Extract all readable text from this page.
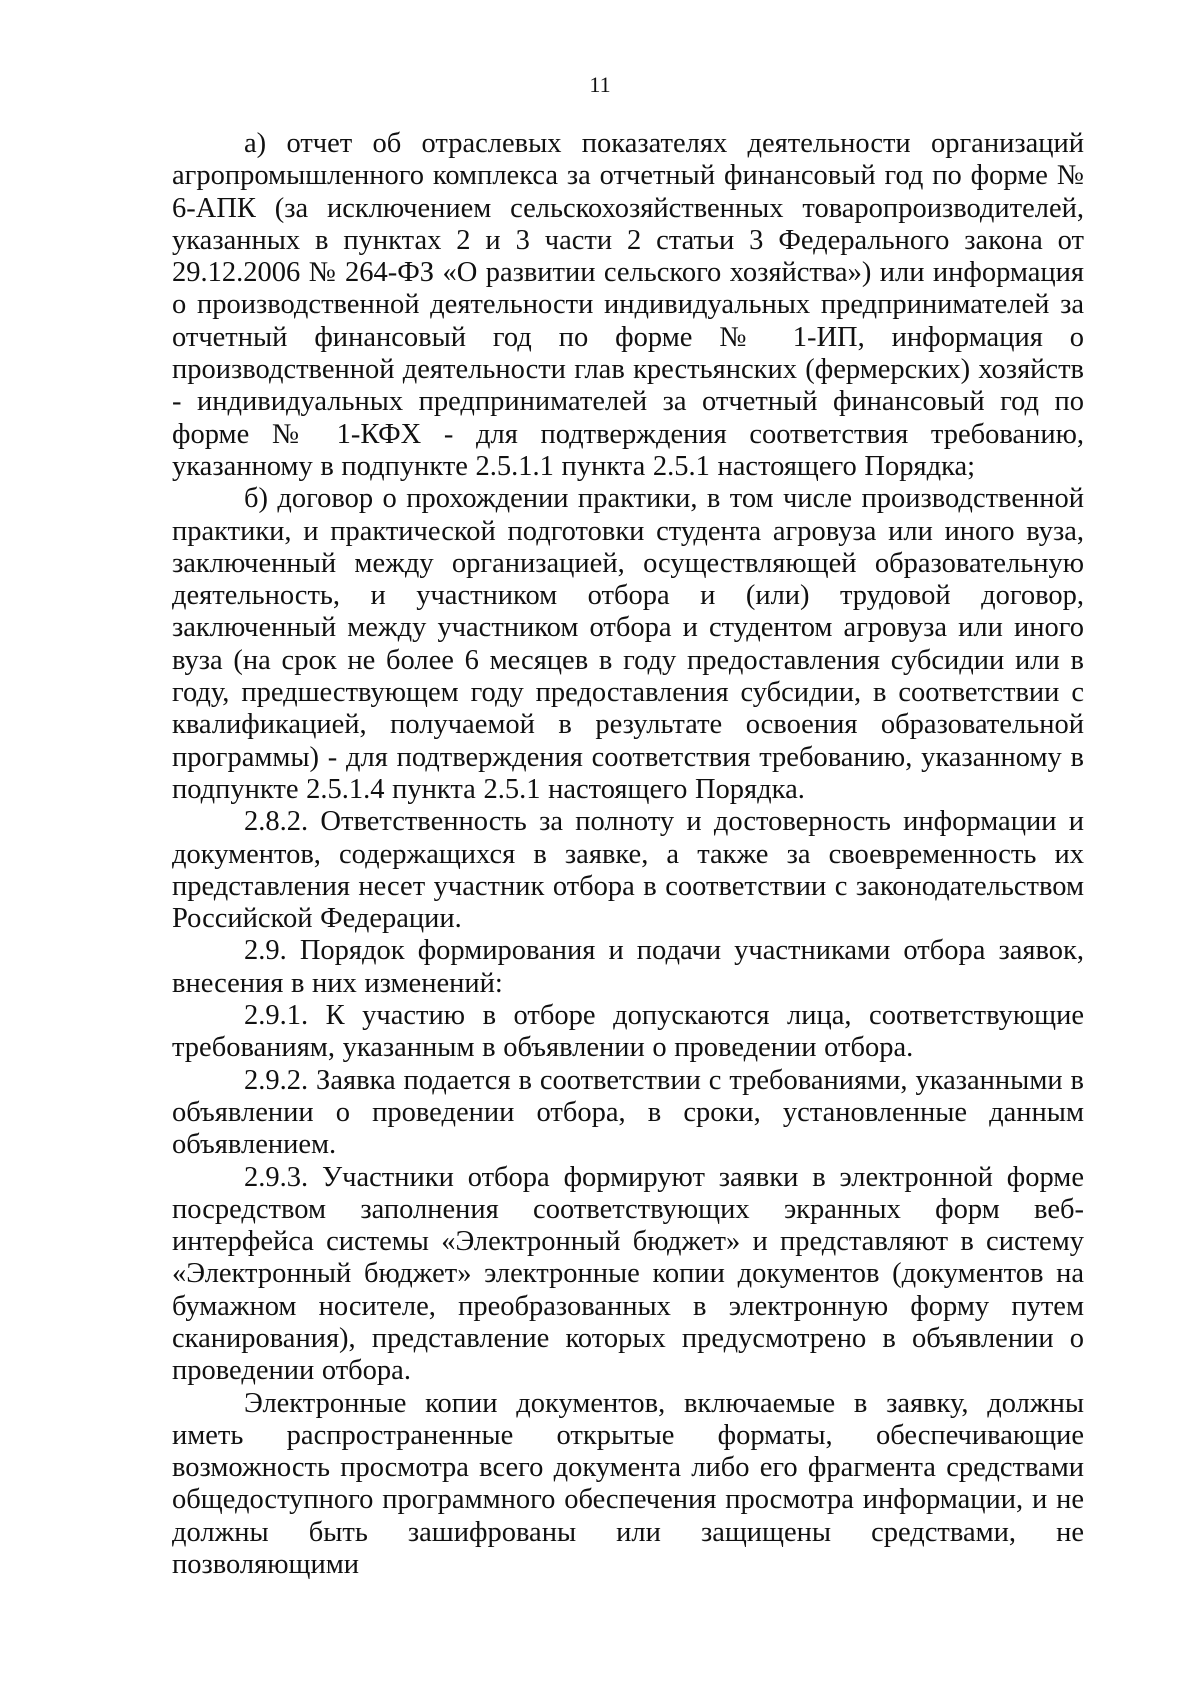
11

а) отчет об отраслевых показателях деятельности организаций агропромышленного комплекса за отчетный финансовый год по форме № 6-АПК (за исключением сельскохозяйственных товаропроизводителей, указанных в пунктах 2 и 3 части 2 статьи 3 Федерального закона от 29.12.2006 № 264-ФЗ «О развитии сельского хозяйства») или информация о производственной деятельности индивидуальных предпринимателей за отчетный финансовый год по форме № 1-ИП, информация о производственной деятельности глав крестьянских (фермерских) хозяйств - индивидуальных предпринимателей за отчетный финансовый год по форме № 1-КФХ - для подтверждения соответствия требованию, указанному в подпункте 2.5.1.1 пункта 2.5.1 настоящего Порядка;

б) договор о прохождении практики, в том числе производственной практики, и практической подготовки студента агровуза или иного вуза, заключенный между организацией, осуществляющей образовательную деятельность, и участником отбора и (или) трудовой договор, заключенный между участником отбора и студентом агровуза или иного вуза (на срок не более 6 месяцев в году предоставления субсидии или в году, предшествующем году предоставления субсидии, в соответствии с квалификацией, получаемой в результате освоения образовательной программы) - для подтверждения соответствия требованию, указанному в подпункте 2.5.1.4 пункта 2.5.1 настоящего Порядка.

2.8.2. Ответственность за полноту и достоверность информации и документов, содержащихся в заявке, а также за своевременность их представления несет участник отбора в соответствии с законодательством Российской Федерации.

2.9. Порядок формирования и подачи участниками отбора заявок, внесения в них изменений:

2.9.1. К участию в отборе допускаются лица, соответствующие требованиям, указанным в объявлении о проведении отбора.

2.9.2. Заявка подается в соответствии с требованиями, указанными в объявлении о проведении отбора, в сроки, установленные данным объявлением.

2.9.3. Участники отбора формируют заявки в электронной форме посредством заполнения соответствующих экранных форм веб-интерфейса системы «Электронный бюджет» и представляют в систему «Электронный бюджет» электронные копии документов (документов на бумажном носителе, преобразованных в электронную форму путем сканирования), представление которых предусмотрено в объявлении о проведении отбора.

Электронные копии документов, включаемые в заявку, должны иметь распространенные открытые форматы, обеспечивающие возможность просмотра всего документа либо его фрагмента средствами общедоступного программного обеспечения просмотра информации, и не должны быть зашифрованы или защищены средствами, не позволяющими
